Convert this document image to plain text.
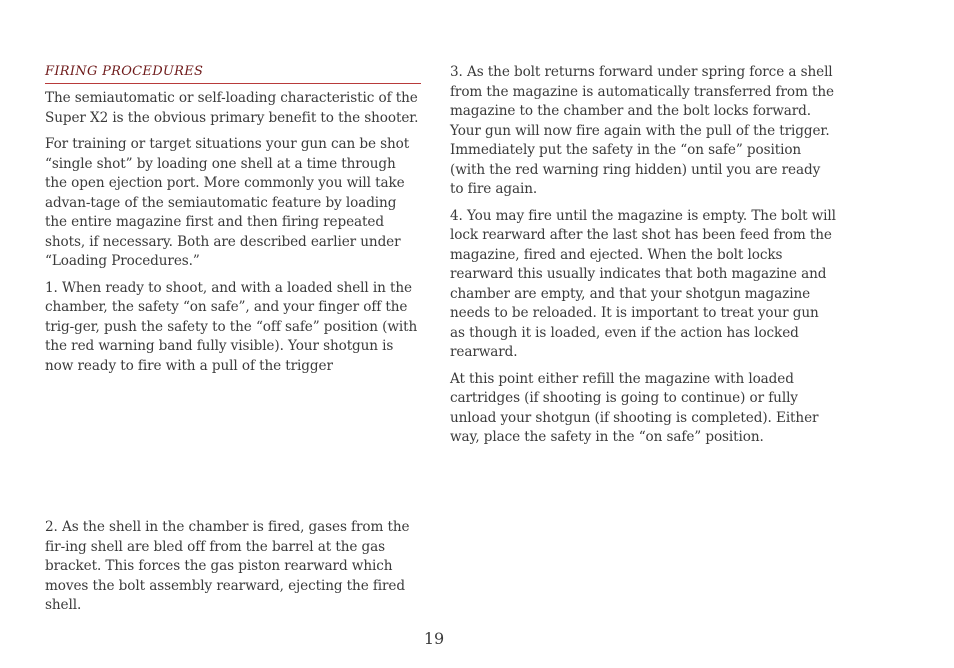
FIRING PROCEDURES

The semiautomatic or self-loading characteristic of the Super X2 is the obvious primary benefit to the shooter.

For training or target situations your gun can be shot “single shot” by loading one shell at a time through the open ejection port. More commonly you will take advan-tage of the semiautomatic feature by loading the entire magazine first and then firing repeated shots, if necessary. Both are described earlier under “Loading Procedures.”

1. When ready to shoot, and with a loaded shell in the chamber, the safety “on safe”, and your finger off the trig-ger, push the safety to the “off safe” position (with the red warning band fully visible). Your shotgun is now ready to fire with a pull of the trigger

2. As the shell in the chamber is fired, gases from the fir-ing shell are bled off from the barrel at the gas bracket. This forces the gas piston rearward which moves the bolt assembly rearward, ejecting the fired shell.

3. As the bolt returns forward under spring force a shell from the magazine is automatically transferred from the magazine to the chamber and the bolt locks forward. Your gun will now fire again with the pull of the trigger. Immediately put the safety in the “on safe” position (with the red warning ring hidden) until you are ready to fire again.

4. You may fire until the magazine is empty. The bolt will lock rearward after the last shot has been feed from the magazine, fired and ejected. When the bolt locks rearward this usually indicates that both magazine and chamber are empty, and that your shotgun magazine needs to be reloaded. It is important to treat your gun as though it is loaded, even if the action has locked rearward.

At this point either refill the magazine with loaded cartridges (if shooting is going to continue) or fully unload your shotgun (if shooting is completed). Either way, place the safety in the “on safe” position.

19
